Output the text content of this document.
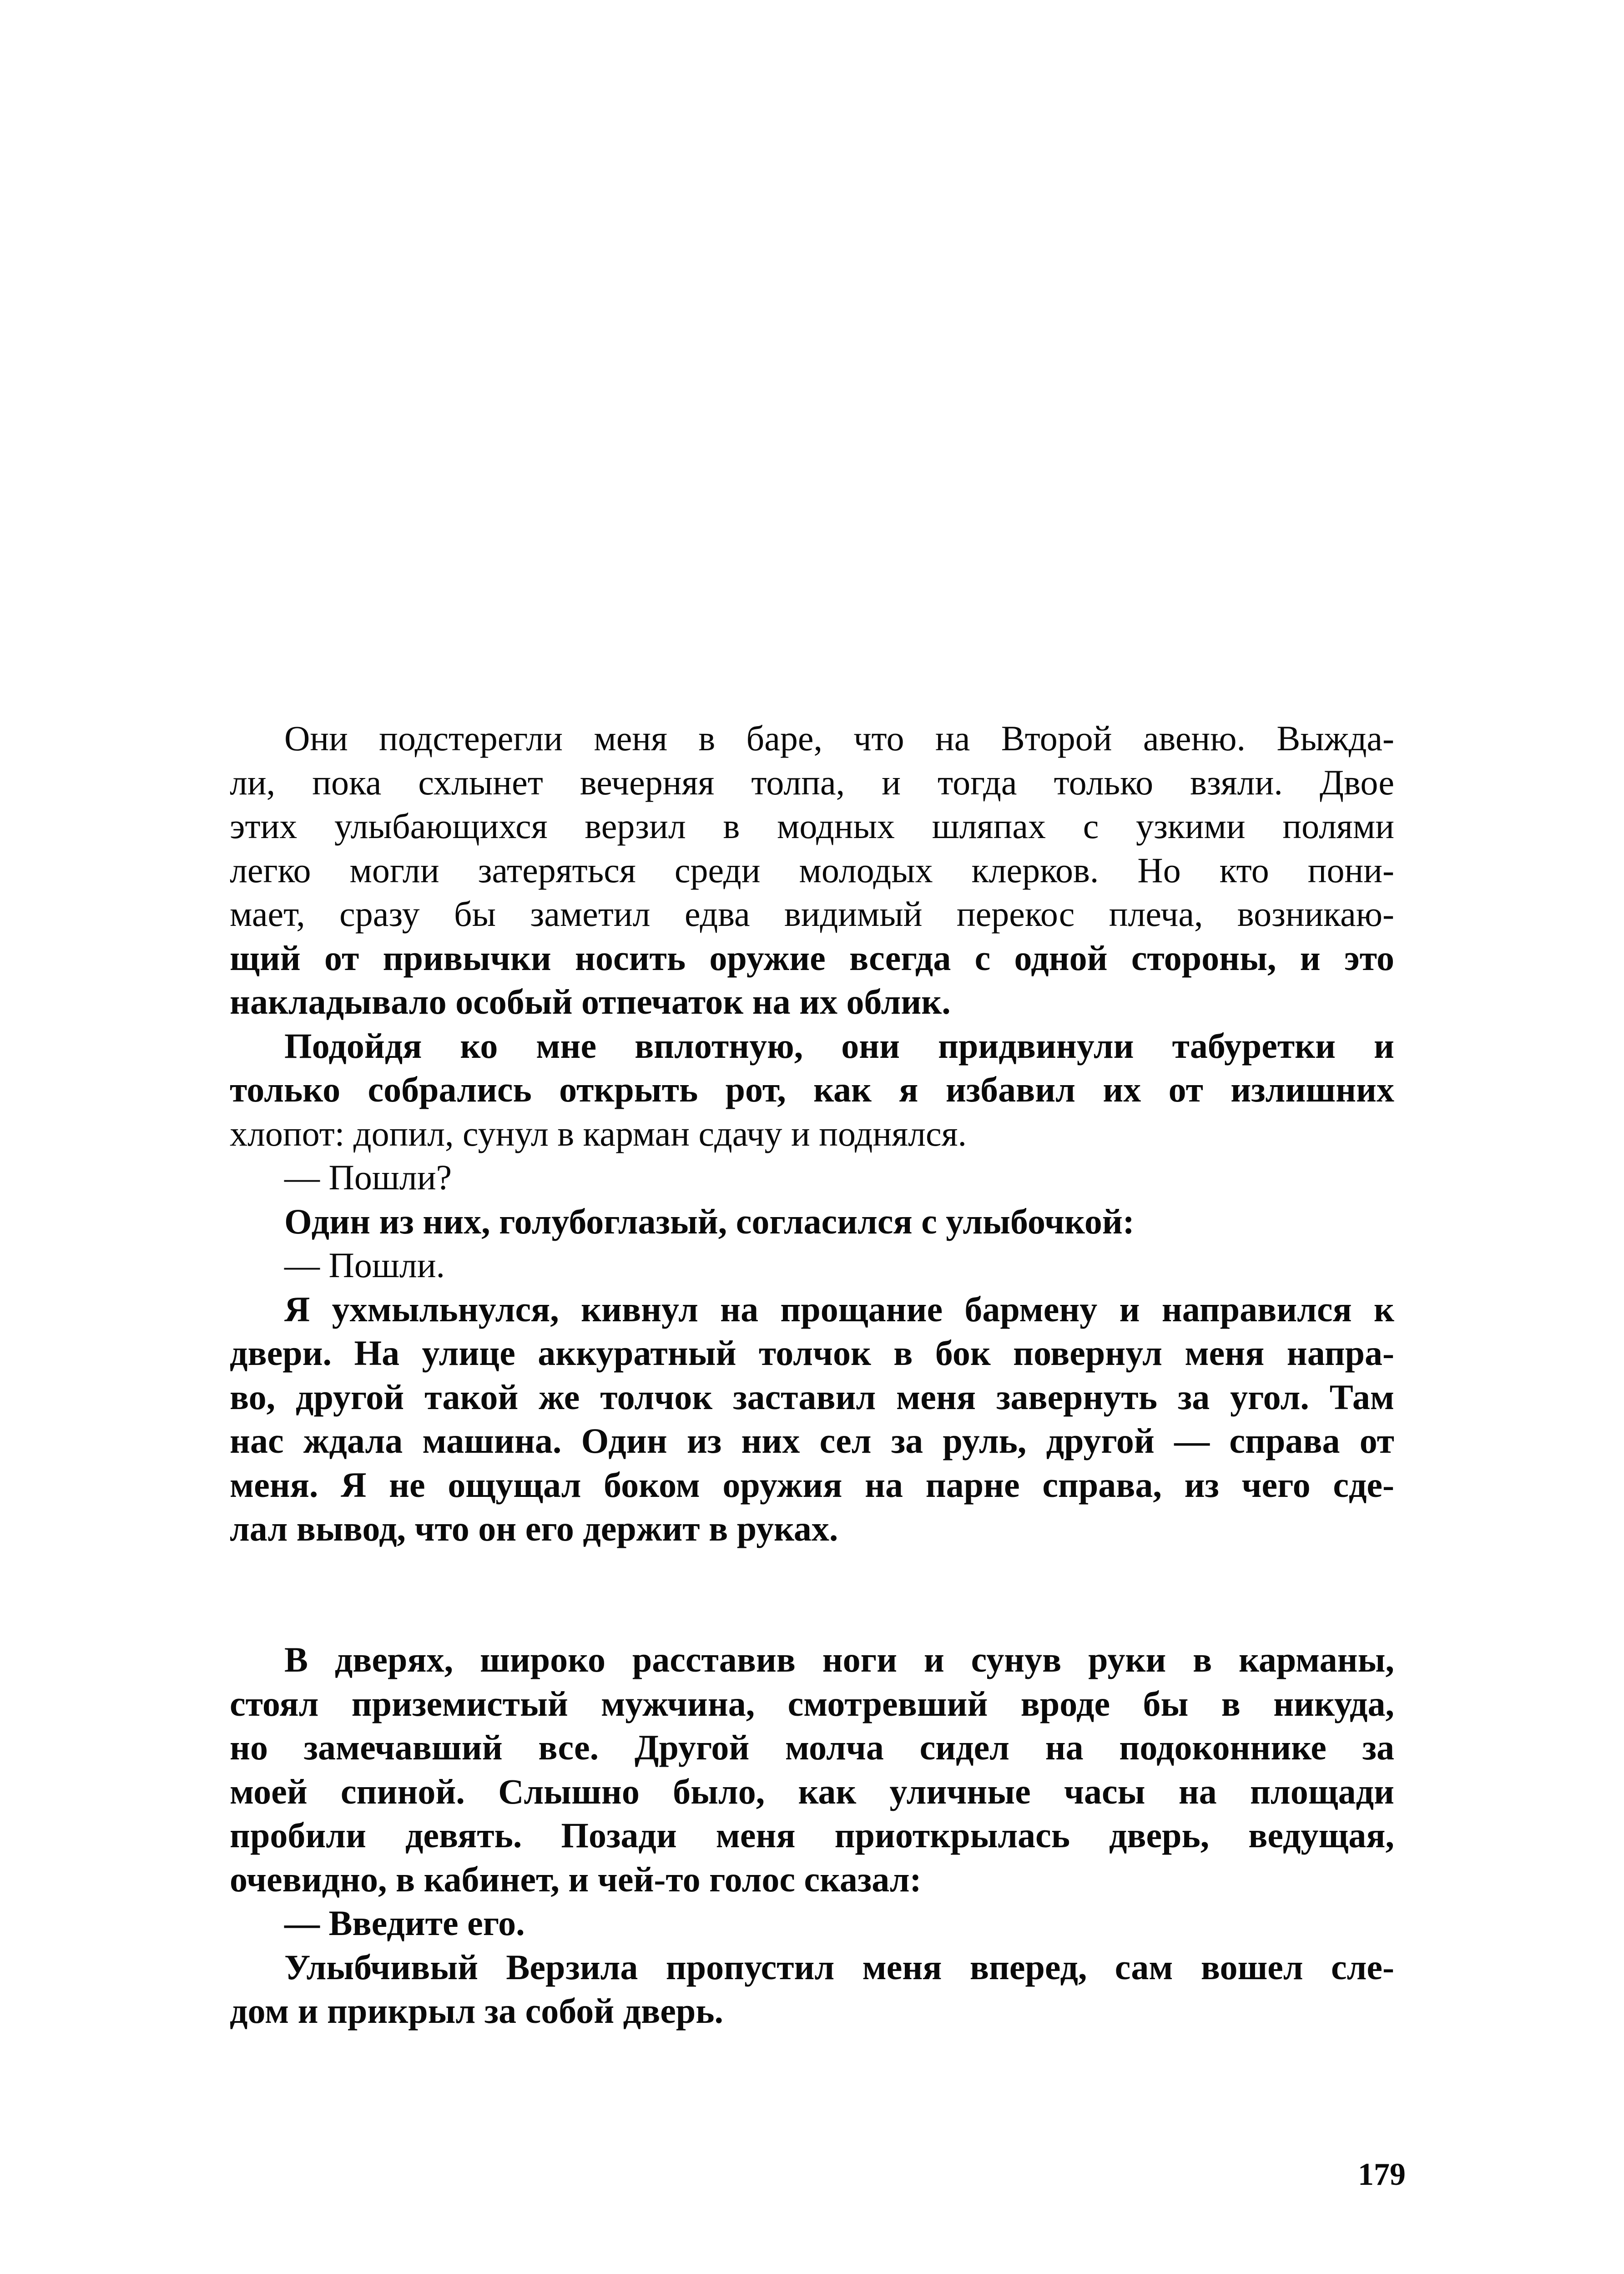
Они подстерегли меня в баре, что на Второй авеню. Выжда-
ли, пока схлынет вечерняя толпа, и тогда только взяли. Двое
этих улыбающихся верзил в модных шляпах с узкими полями
легко могли затеряться среди молодых клерков. Но кто пони-
мает, сразу бы заметил едва видимый перекос плеча, возникаю-
щий от привычки носить оружие всегда с одной стороны, и это
накладывало особый отпечаток на их облик.
Подойдя ко мне вплотную, они придвинули табуретки и
только собрались открыть рот, как я избавил их от излишних
хлопот: допил, сунул в карман сдачу и поднялся.
— Пошли?
Один из них, голубоглазый, согласился с улыбочкой:
— Пошли.
Я ухмыльнулся, кивнул на прощание бармену и направился к
двери. На улице аккуратный толчок в бок повернул меня напра-
во, другой такой же толчок заставил меня завернуть за угол. Там
нас ждала машина. Один из них сел за руль, другой — справа от
меня. Я не ощущал боком оружия на парне справа, из чего сде-
лал вывод, что он его держит в руках.
В дверях, широко расставив ноги и сунув руки в карманы,
стоял приземистый мужчина, смотревший вроде бы в никуда,
но замечавший все. Другой молча сидел на подоконнике за
моей спиной. Слышно было, как уличные часы на площади
пробили девять. Позади меня приоткрылась дверь, ведущая,
очевидно, в кабинет, и чей-то голос сказал:
— Введите его.
Улыбчивый Верзила пропустил меня вперед, сам вошел сле-
дом и прикрыл за собой дверь.
179
